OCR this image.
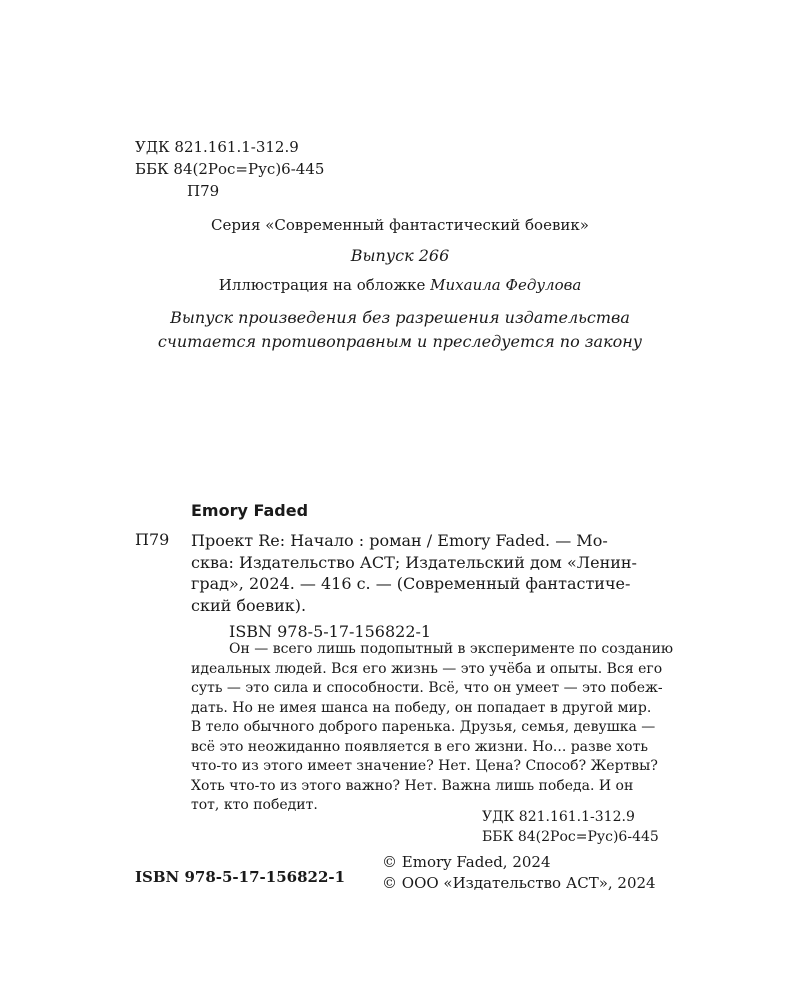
УДК 821.161.1-312.9
ББК 84(2Рос=Рус)6-445
П79
Серия «Современный фантастический боевик»
Выпуск 266
Иллюстрация на обложке Михаила Федулова
Выпуск произведения без разрешения издательства
считается противоправным и преследуется по закону
Emory Faded
П79 Проект Re: Начало : роман / Emory Faded. — Мо-
сква: Издательство АСТ; Издательский дом «Ленин-
град», 2024. — 416 с. — (Современный фантастиче-
ский боевик).
ISBN 978-5-17-156822-1
Он — всего лишь подопытный в эксперименте по созданию
идеальных людей. Вся его жизнь — это учёба и опыты. Вся его
суть — это сила и способности. Всё, что он умеет — это побеж-
дать. Но не имея шанса на победу, он попадает в другой мир.
В тело обычного доброго паренька. Друзья, семья, девушка —
всё это неожиданно появляется в его жизни. Но... разве хоть
что-то из этого имеет значение? Нет. Цена? Способ? Жертвы?
Хоть что-то из этого важно? Нет. Важна лишь победа. И он
тот, кто победит.
УДК 821.161.1-312.9
ББК 84(2Рос=Рус)6-445
© Emory Faded, 2024
© ООО «Издательство АСТ», 2024
ISBN 978-5-17-156822-1
